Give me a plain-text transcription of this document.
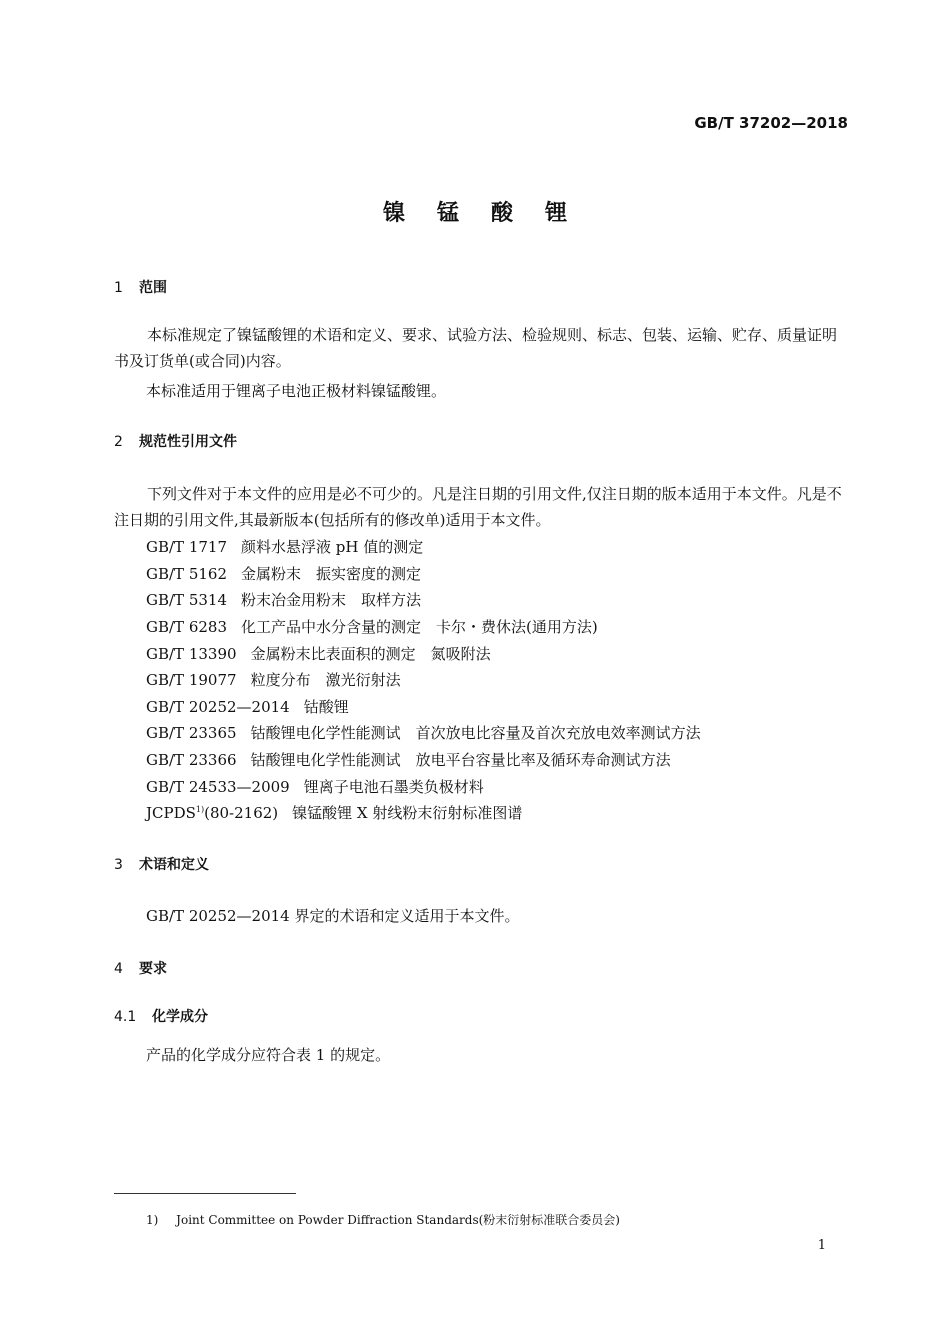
GB/T 37202—2018
镍锰酸锂
1 范围
本标准规定了镍锰酸锂的术语和定义、要求、试验方法、检验规则、标志、包装、运输、贮存、质量证明书及订货单(或合同)内容。
本标准适用于锂离子电池正极材料镍锰酸锂。
2 规范性引用文件
下列文件对于本文件的应用是必不可少的。凡是注日期的引用文件,仅注日期的版本适用于本文件。凡是不注日期的引用文件,其最新版本(包括所有的修改单)适用于本文件。
GB/T 1717 颜料水悬浮液 pH 值的测定
GB/T 5162 金属粉末　振实密度的测定
GB/T 5314 粉末冶金用粉末　取样方法
GB/T 6283 化工产品中水分含量的测定　卡尔・费休法(通用方法)
GB/T 13390 金属粉末比表面积的测定　氮吸附法
GB/T 19077 粒度分布　激光衍射法
GB/T 20252—2014 钴酸锂
GB/T 23365 钴酸锂电化学性能测试　首次放电比容量及首次充放电效率测试方法
GB/T 23366 钴酸锂电化学性能测试　放电平台容量比率及循环寿命测试方法
GB/T 24533—2009 锂离子电池石墨类负极材料
JCPDS$^{1)}$(80-2162) 镍锰酸锂 X 射线粉末衍射标准图谱
3 术语和定义
GB/T 20252—2014 界定的术语和定义适用于本文件。
4 要求
4.1 化学成分
产品的化学成分应符合表 1 的规定。
1) Joint Committee on Powder Diffraction Standards(粉末衍射标准联合委员会)
1
